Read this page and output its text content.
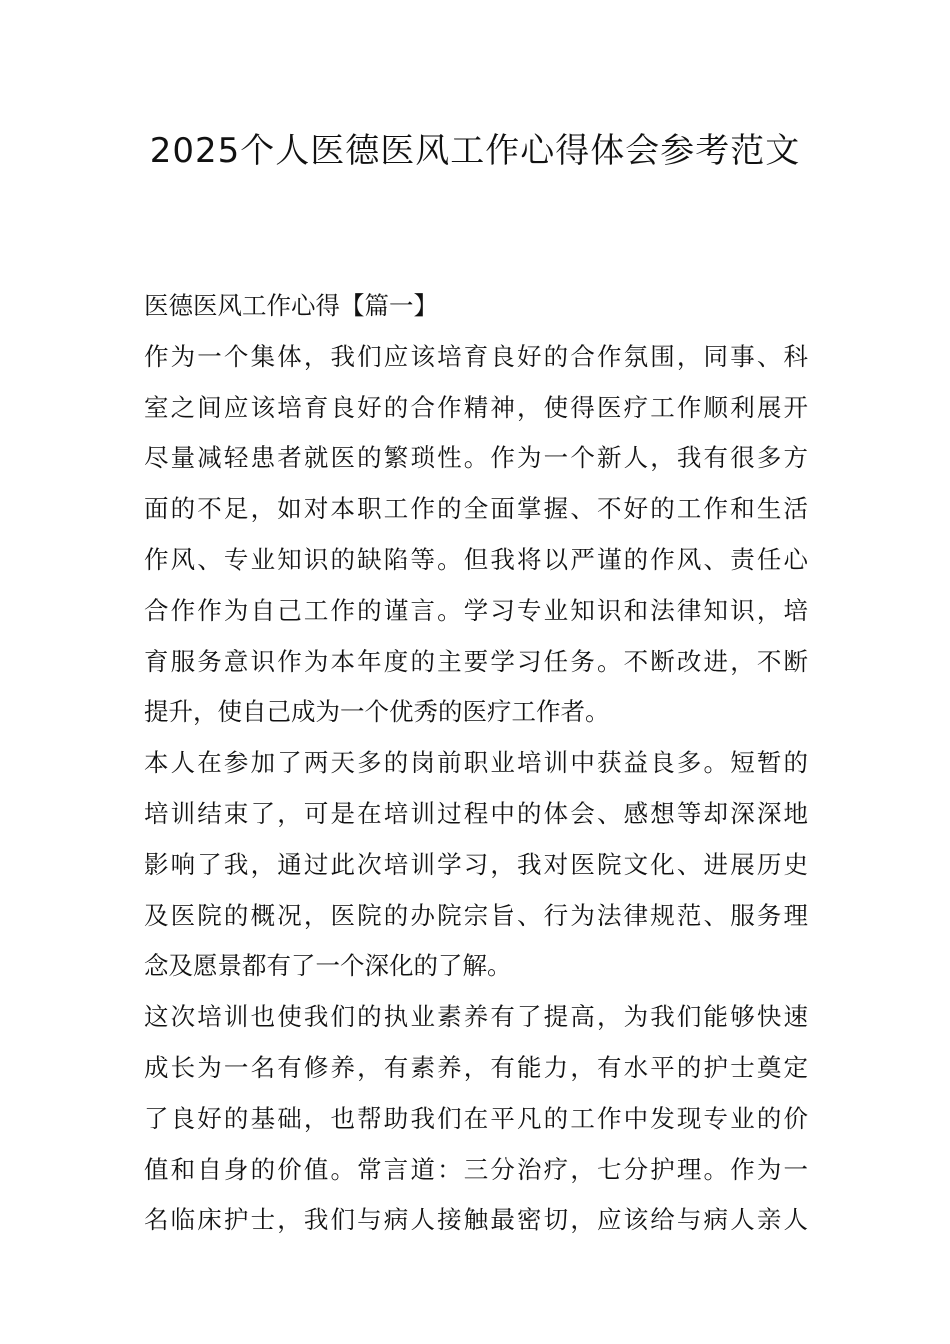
2025个人医德医风工作心得体会参考范文
医德医风工作心得【篇一】
作为一个集体，我们应该培育良好的合作氛围，同事、科
室之间应该培育良好的合作精神，使得医疗工作顺利展开
尽量减轻患者就医的繁琐性。作为一个新人，我有很多方
面的不足，如对本职工作的全面掌握、不好的工作和生活
作风、专业知识的缺陷等。但我将以严谨的作风、责任心
合作作为自己工作的谨言。学习专业知识和法律知识，培
育服务意识作为本年度的主要学习任务。不断改进，不断
提升，使自己成为一个优秀的医疗工作者。
本人在参加了两天多的岗前职业培训中获益良多。短暂的
培训结束了，可是在培训过程中的体会、感想等却深深地
影响了我，通过此次培训学习，我对医院文化、进展历史
及医院的概况，医院的办院宗旨、行为法律规范、服务理
念及愿景都有了一个深化的了解。
这次培训也使我们的执业素养有了提高，为我们能够快速
成长为一名有修养，有素养，有能力，有水平的护士奠定
了良好的基础，也帮助我们在平凡的工作中发现专业的价
值和自身的价值。常言道：三分治疗，七分护理。作为一
名临床护士，我们与病人接触最密切，应该给与病人亲人
